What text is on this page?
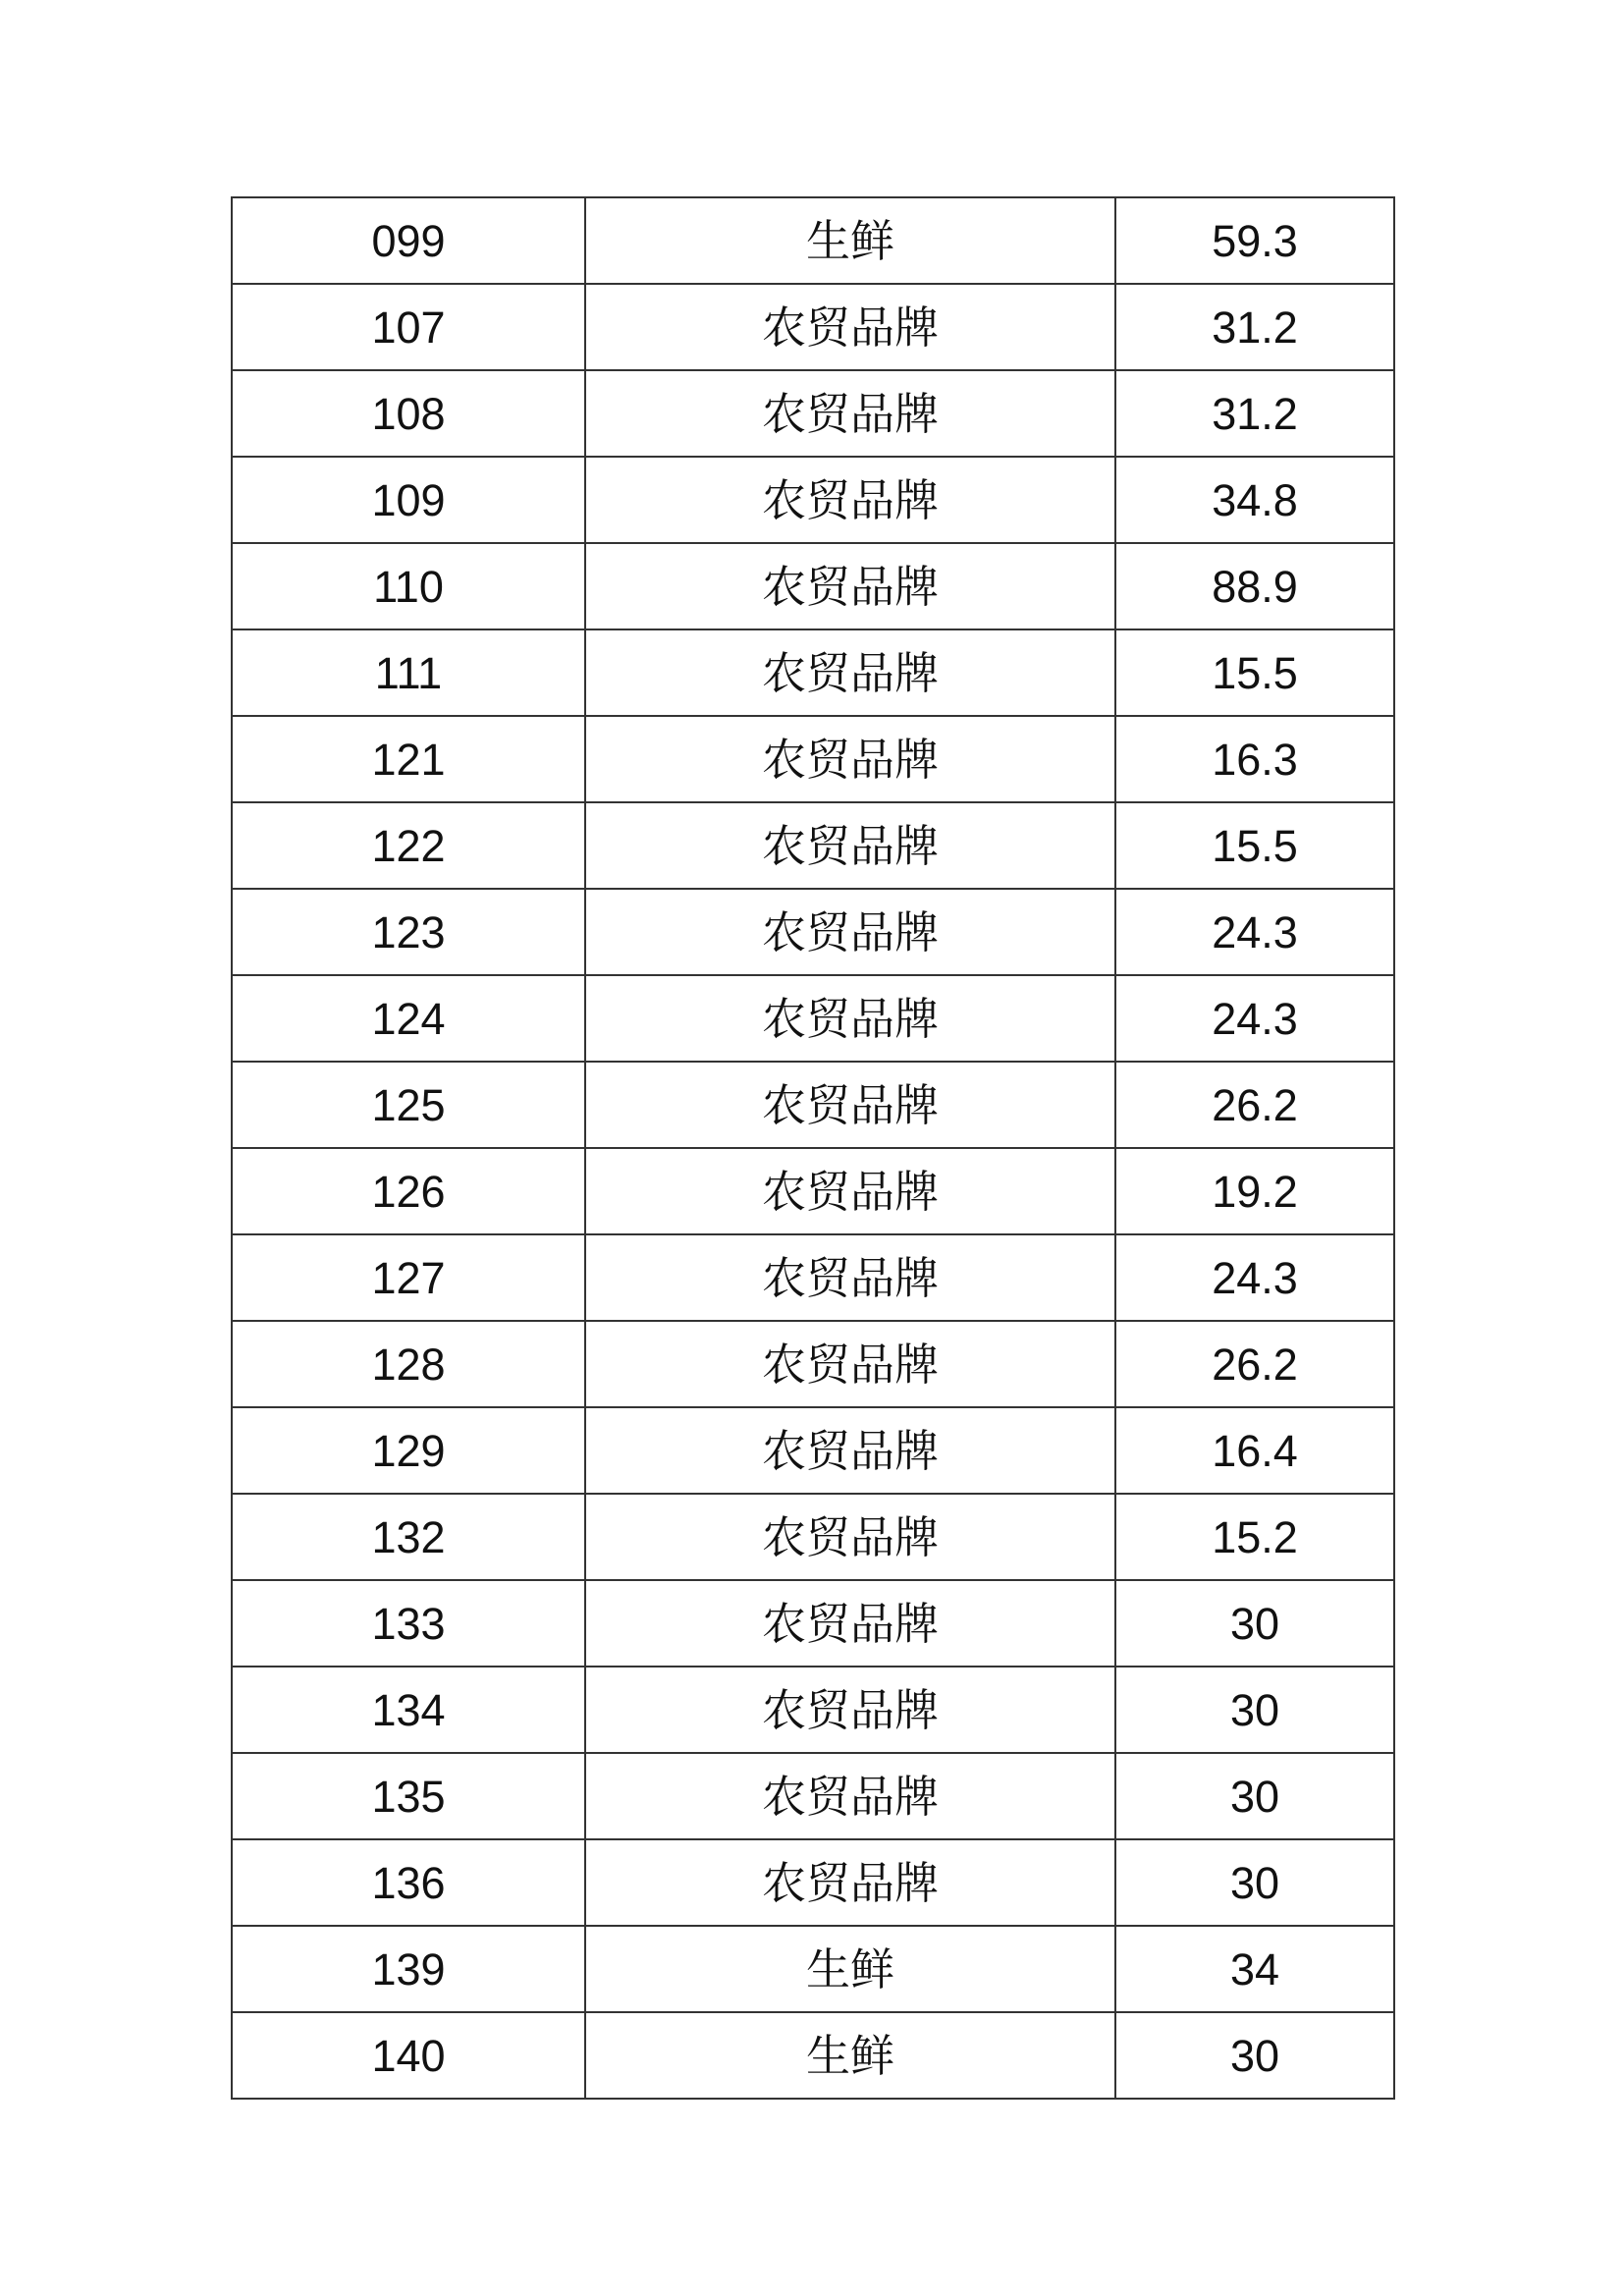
099	生鲜	59.3
107	农贸品牌	31.2
108	农贸品牌	31.2
109	农贸品牌	34.8
110	农贸品牌	88.9
111	农贸品牌	15.5
121	农贸品牌	16.3
122	农贸品牌	15.5
123	农贸品牌	24.3
124	农贸品牌	24.3
125	农贸品牌	26.2
126	农贸品牌	19.2
127	农贸品牌	24.3
128	农贸品牌	26.2
129	农贸品牌	16.4
132	农贸品牌	15.2
133	农贸品牌	30
134	农贸品牌	30
135	农贸品牌	30
136	农贸品牌	30
139	生鲜	34
140	生鲜	30
